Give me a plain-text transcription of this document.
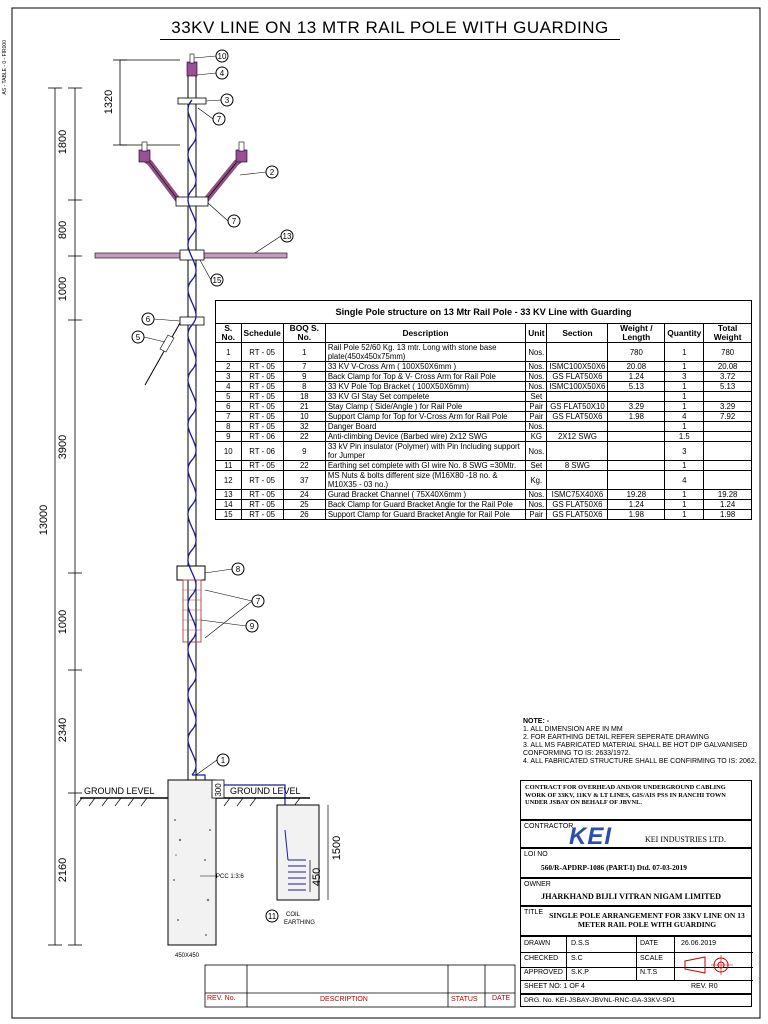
33KV LINE ON 13 MTR RAIL POLE WITH GUARDING
AS - TABLE - 0 - FIR000
1800
800
1000
3900
1000
2340
2160
13000
1320
1500
450
300
GROUND LEVEL	GROUND LEVEL
PCC 1:3:6
450X450
COIL
EARTHING
10
4
3
7
2
7
13
15
6
5
8
7
9
1
11
Single Pole structure on 13 Mtr Rail Pole - 33 KV Line with Guarding								
S. No.	Schedule	BOQ S. No.	Description	Unit	Section	Weight / Length	Quantity	Total Weight
1	RT - 05	1	Rail Pole 52/60 Kg. 13 mtr. Long with stone base plate(450x450x75mm)	Nos.		780	1	780
2	RT - 05	7	33 KV V-Cross Arm ( 100X50X6mm )	Nos.	ISMC100X50X6	20.08	1	20.08
3	RT - 05	9	Back Clamp for Top & V- Cross Arm for Rail Pole	Nos.	GS FLAT50X6	1.24	3	3.72
4	RT - 05	8	33 KV Pole Top Bracket ( 100X50X6mm)	Nos.	ISMC100X50X6	5.13	1	5.13
5	RT - 05	18	33 KV GI Stay Set compelete	Set			1	
6	RT - 05	21	Stay Clamp ( Side/Angle ) for Rail Pole	Pair	GS FLAT50X10	3.29	1	3.29
7	RT - 05	10	Support Clamp for Top for V-Cross Arm for Rail Pole	Pair	GS FLAT50X6	1.98	4	7.92
8	RT - 05	32	Danger Board	Nos.			1	
9	RT - 06	22	Anti-climbing Device (Barbed wire) 2x12 SWG	KG	2X12 SWG		1.5	
10	RT - 06	9	33 kV Pin insulator (Polymer) with Pin Including support for Jumper	Nos.			3	
11	RT - 05	22	Earthing set complete with GI wire No. 8 SWG =30Mtr.	Set	8 SWG		1	
12	RT - 05	37	MS Nuts & bolts different size (M16X80 -18 no. & M10X35 - 03 no.)	Kg.			4	
13	RT - 05	24	Gurad Bracket Channel ( 75X40X6mm )	Nos.	ISMC75X40X6	19.28	1	19.28
14	RT - 05	25	Back Clamp for Guard Bracket Angle for the Rail Pole	Nos.	GS FLAT50X6	1.24	1	1.24
15	RT - 05	26	Support Clamp for Guard Bracket Angle for Rail Pole	Pair	GS FLAT50X6	1.98	1	1.98
NOTE: -
1. ALL DIMENSION ARE IN MM
2. FOR EARTHING DETAIL REFER SEPERATE DRAWING
3. ALL MS FABRICATED MATERIAL SHALL BE HOT DIP GALVANISED CONFORMING TO IS: 2633/1972.
4. ALL FABRICATED STRUCTURE SHALL BE CONFIRMING TO IS: 2062.
CONTRACT FOR OVERHEAD AND/OR UNDERGROUND CABLING WORK OF 33KV, 11KV & LT LINES, GIS/AIS PSS IN RANCHI TOWN UNDER JSBAY ON BEHALF OF JBVNL.
CONTRACTOR
KEI	KEI INDUSTRIES LTD.
LOI NO
560/R-APDRP-1086 (PART-I) Dtd. 07-03-2019
OWNER
JHARKHAND BIJLI VITRAN NIGAM LIMITED
TITLE SINGLE POLE ARRANGEMENT FOR 33KV LINE ON 13 METER RAIL POLE WITH GUARDING
DRAWN	D.S.S	DATE	26.06.2019
CHECKED S.C	SCALE
APPROVED S.K.P	N.T.S
SHEET NO: 1 OF 4	REV. R0
DRG. No. KEI-JSBAY-JBVNL-RNC-GA-33KV-SP1
REV. No.	DESCRIPTION	STATUS DATE
